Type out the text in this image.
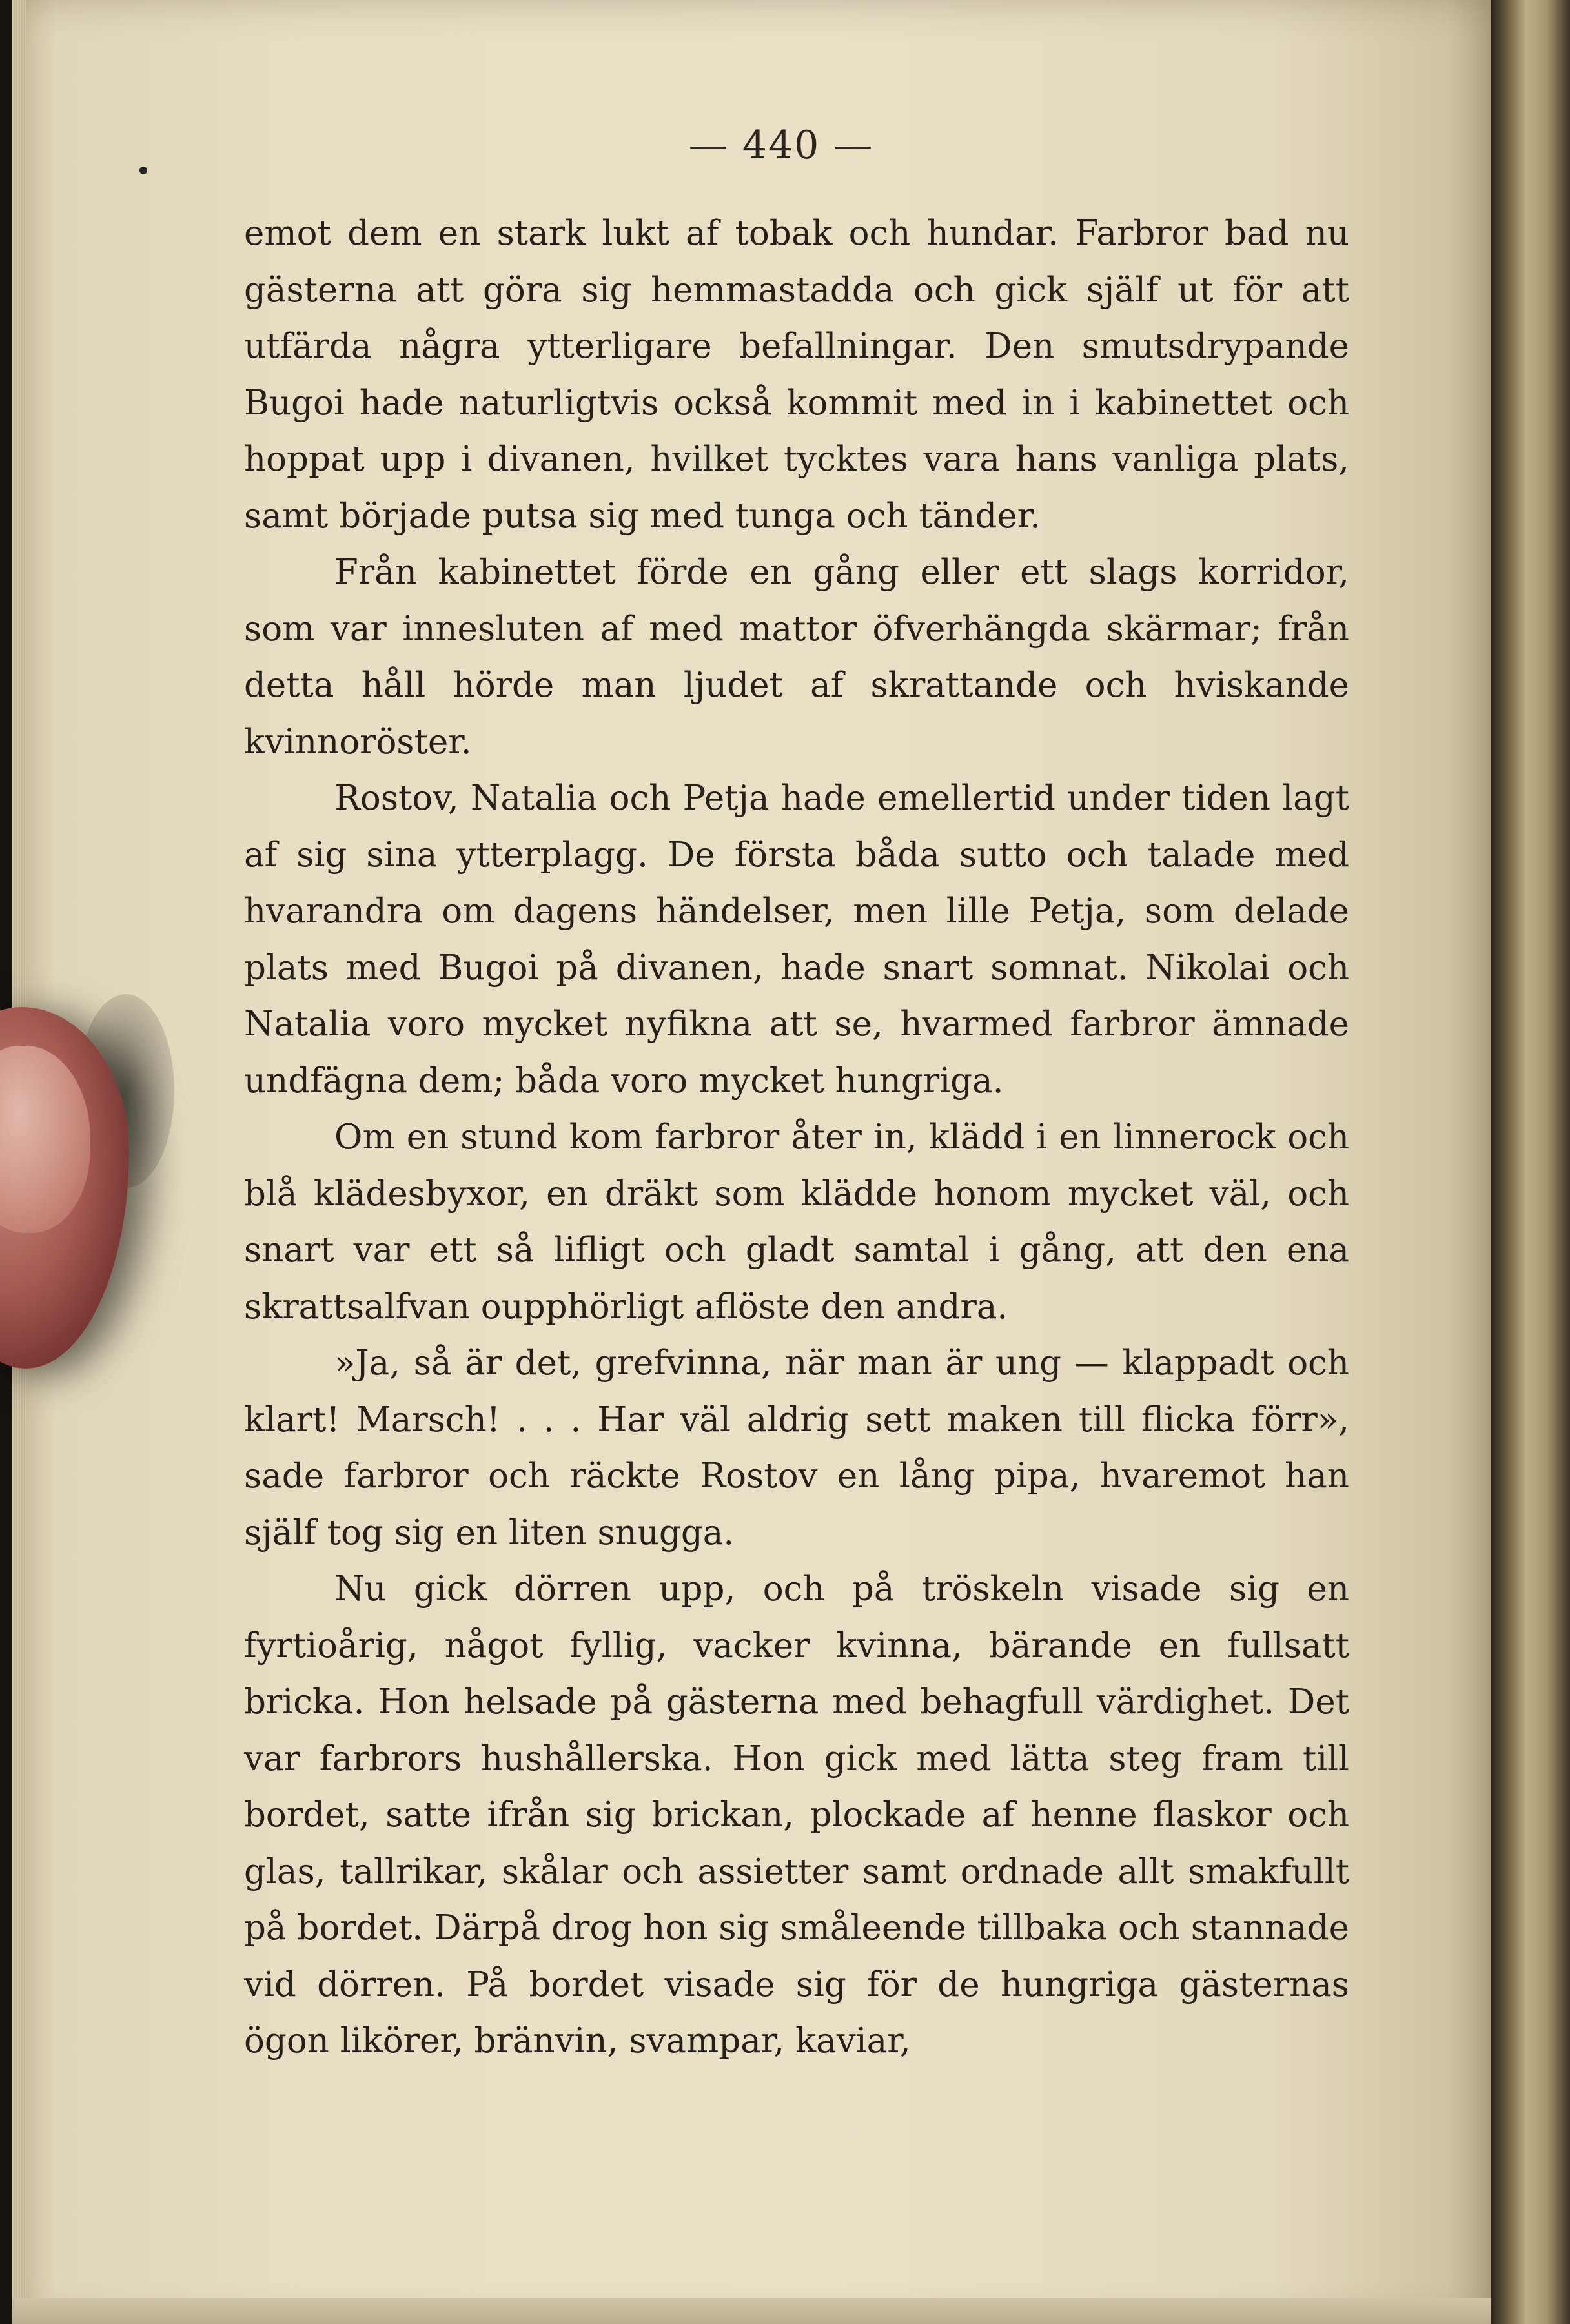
— 440 —

emot dem en stark lukt af tobak och hundar. Farbror bad nu gästerna att göra sig hemmastadda och gick själf ut för att utfärda några ytterligare befallningar. Den smutsdrypande Bugoi hade naturligtvis också kommit med in i kabinettet och hoppat upp i divanen, hvilket tycktes vara hans vanliga plats, samt började putsa sig med tunga och tänder.

Från kabinettet förde en gång eller ett slags korridor, som var innesluten af med mattor öfverhängda skärmar; från detta håll hörde man ljudet af skrattande och hviskande kvinnoröster.

Rostov, Natalia och Petja hade emellertid under tiden lagt af sig sina ytterplagg. De första båda sutto och talade med hvarandra om dagens händelser, men lille Petja, som delade plats med Bugoi på divanen, hade snart somnat. Nikolai och Natalia voro mycket nyfikna att se, hvarmed farbror ämnade undfägna dem; båda voro mycket hungriga.

Om en stund kom farbror åter in, klädd i en linnerock och blå klädesbyxor, en dräkt som klädde honom mycket väl, och snart var ett så lifligt och gladt samtal i gång, att den ena skrattsalfvan oupphörligt aflöste den andra.

»Ja, så är det, grefvinna, när man är ung — klappadt och klart! Marsch! . . . Har väl aldrig sett maken till flicka förr», sade farbror och räckte Rostov en lång pipa, hvaremot han själf tog sig en liten snugga.

Nu gick dörren upp, och på tröskeln visade sig en fyrtioårig, något fyllig, vacker kvinna, bärande en fullsatt bricka. Hon helsade på gästerna med behagfull värdighet. Det var farbrors hushållerska. Hon gick med lätta steg fram till bordet, satte ifrån sig brickan, plockade af henne flaskor och glas, tallrikar, skålar och assietter samt ordnade allt smakfullt på bordet. Därpå drog hon sig småleende tillbaka och stannade vid dörren. På bordet visade sig för de hungriga gästernas ögon likörer, bränvin, svampar, kaviar,
